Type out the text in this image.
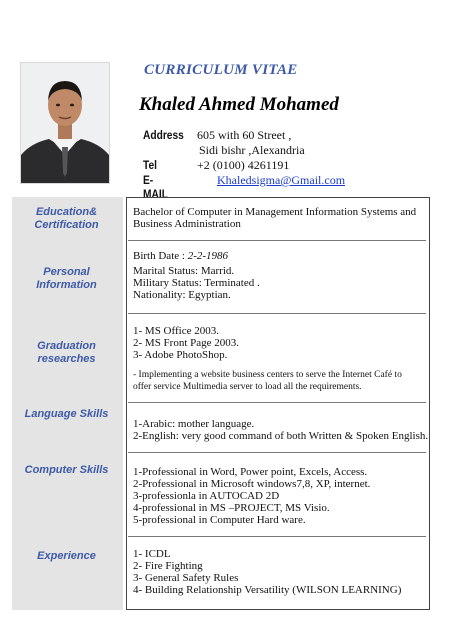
CURRICULUM VITAE
Khaled Ahmed Mohamed
Address 605 with 60 Street ,
Sidi bishr ,Alexandria
Tel	+2 (0100) 4261191
E-MAIL
Khaledsigma@Gmail.com
Education&
Certification
Personal
Information
Graduation
researches
Language Skills
Computer Skills
Experience
Bachelor of Computer in Management Information Systems and
Business Administration
Birth Date : 2-2-1986
Marital Status: Marrid.
Military Status: Terminated .
Nationality: Egyptian.
1- MS Office 2003.
2- MS Front Page 2003.
3- Adobe PhotoShop.
- Implementing a website business centers to serve the Internet Café to
offer service Multimedia server to load all the requirements.
1-Arabic: mother language.
2-English: very good command of both Written & Spoken English.
1-Professional in Word, Power point, Excels, Access.
2-Professional in Microsoft windows7,8, XP, internet.
3-professionla in AUTOCAD 2D
4-professional in MS –PROJECT, MS Visio.
5-professional in Computer Hard ware.
1- ICDL
2- Fire Fighting
3- General Safety Rules
4- Building Relationship Versatility (WILSON LEARNING)
